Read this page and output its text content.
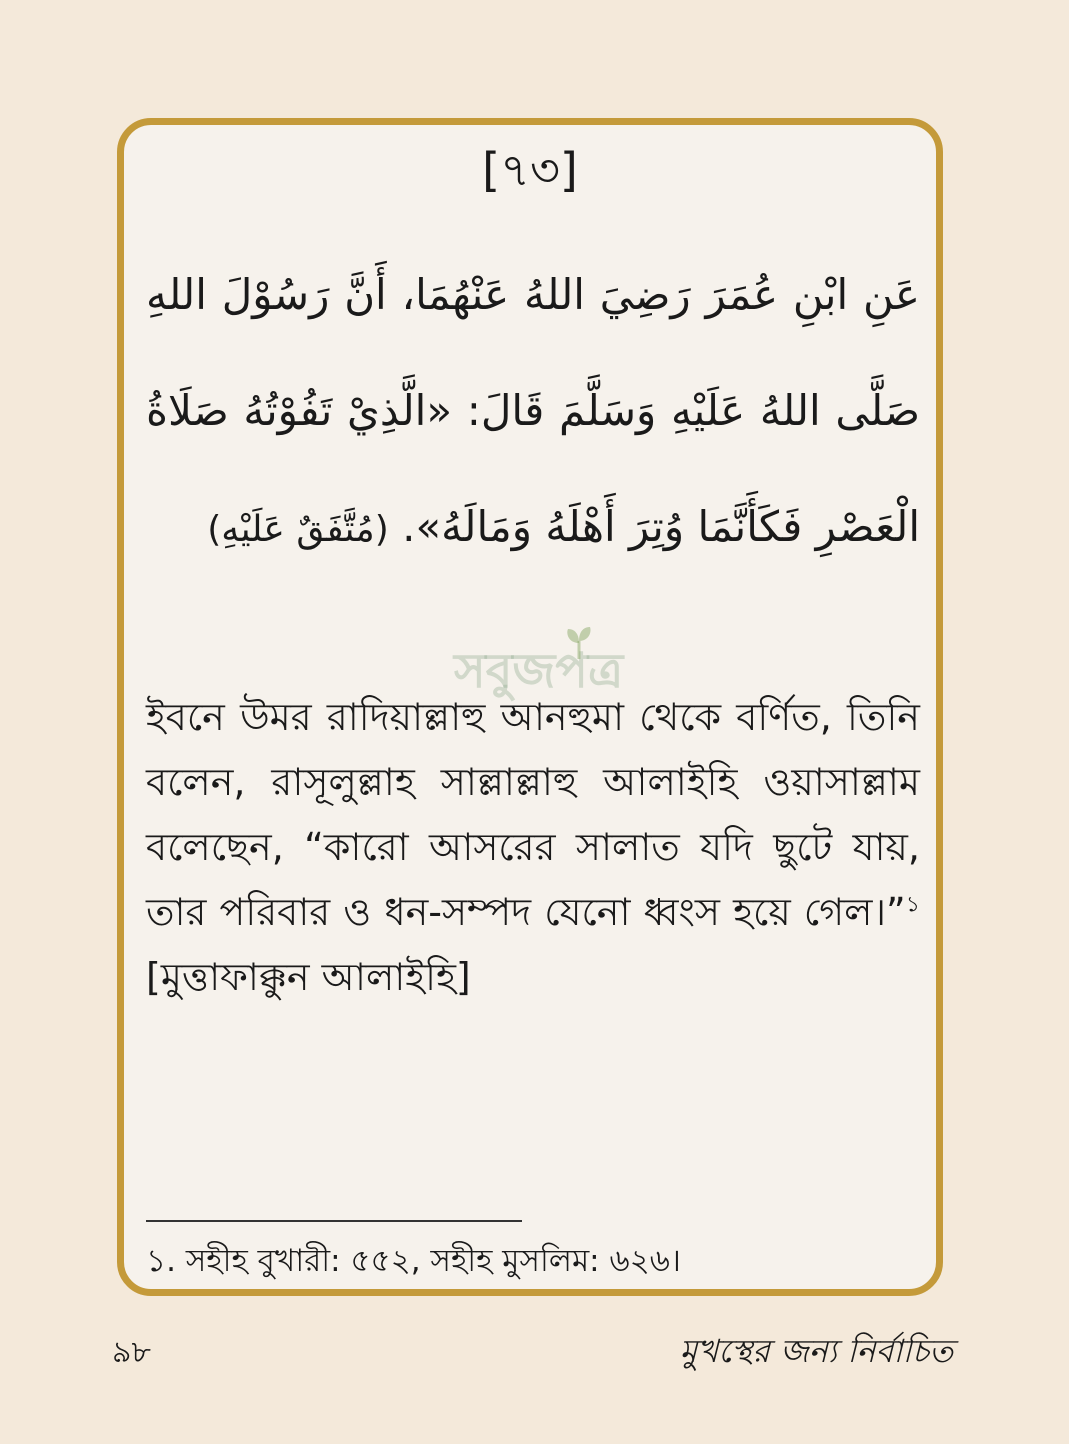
[৭৩]
عَنِ ابْنِ عُمَرَ رَضِيَ اللهُ عَنْهُمَا، أَنَّ رَسُوْلَ اللهِ صَلَّى اللهُ عَلَيْهِ وَسَلَّمَ قَالَ: «الَّذِيْ تَفُوْتُهُ صَلَاةُ الْعَصْرِ فَكَأَنَّمَا وُتِرَ أَهْلَهُ وَمَالَهُ». (مُتَّفَقٌ عَلَيْهِ)
সবুজপত্র
ইবনে উমর রাদিয়াল্লাহু আনহুমা থেকে বর্ণিত, তিনি বলেন, রাসূলুল্লাহ সাল্লাল্লাহু আলাইহি ওয়াসাল্লাম বলেছেন, “কারো আসরের সালাত যদি ছুটে যায়, তার পরিবার ও ধন-সম্পদ যেনো ধ্বংস হয়ে গেল।”$^১$ [মুত্তাফাক্কুন আলাইহি]
১. সহীহ বুখারী: ৫৫২, সহীহ মুসলিম: ৬২৬।
৯৮	মুখস্থের জন্য নির্বাচিত
